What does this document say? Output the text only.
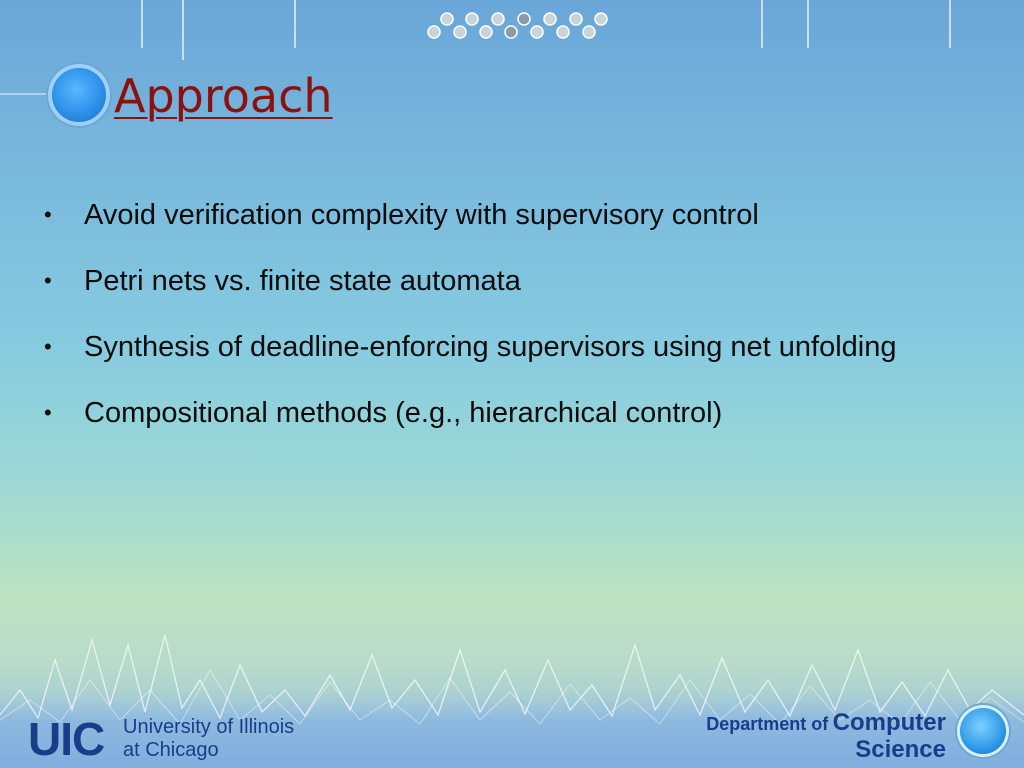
Approach
• Avoid verification complexity with supervisory control
• Petri nets vs. finite state automata
• Synthesis of deadline-enforcing supervisors using net unfolding
• Compositional methods (e.g., hierarchical control)
UIC University of Illinois
at Chicago
Department of Computer
Science
